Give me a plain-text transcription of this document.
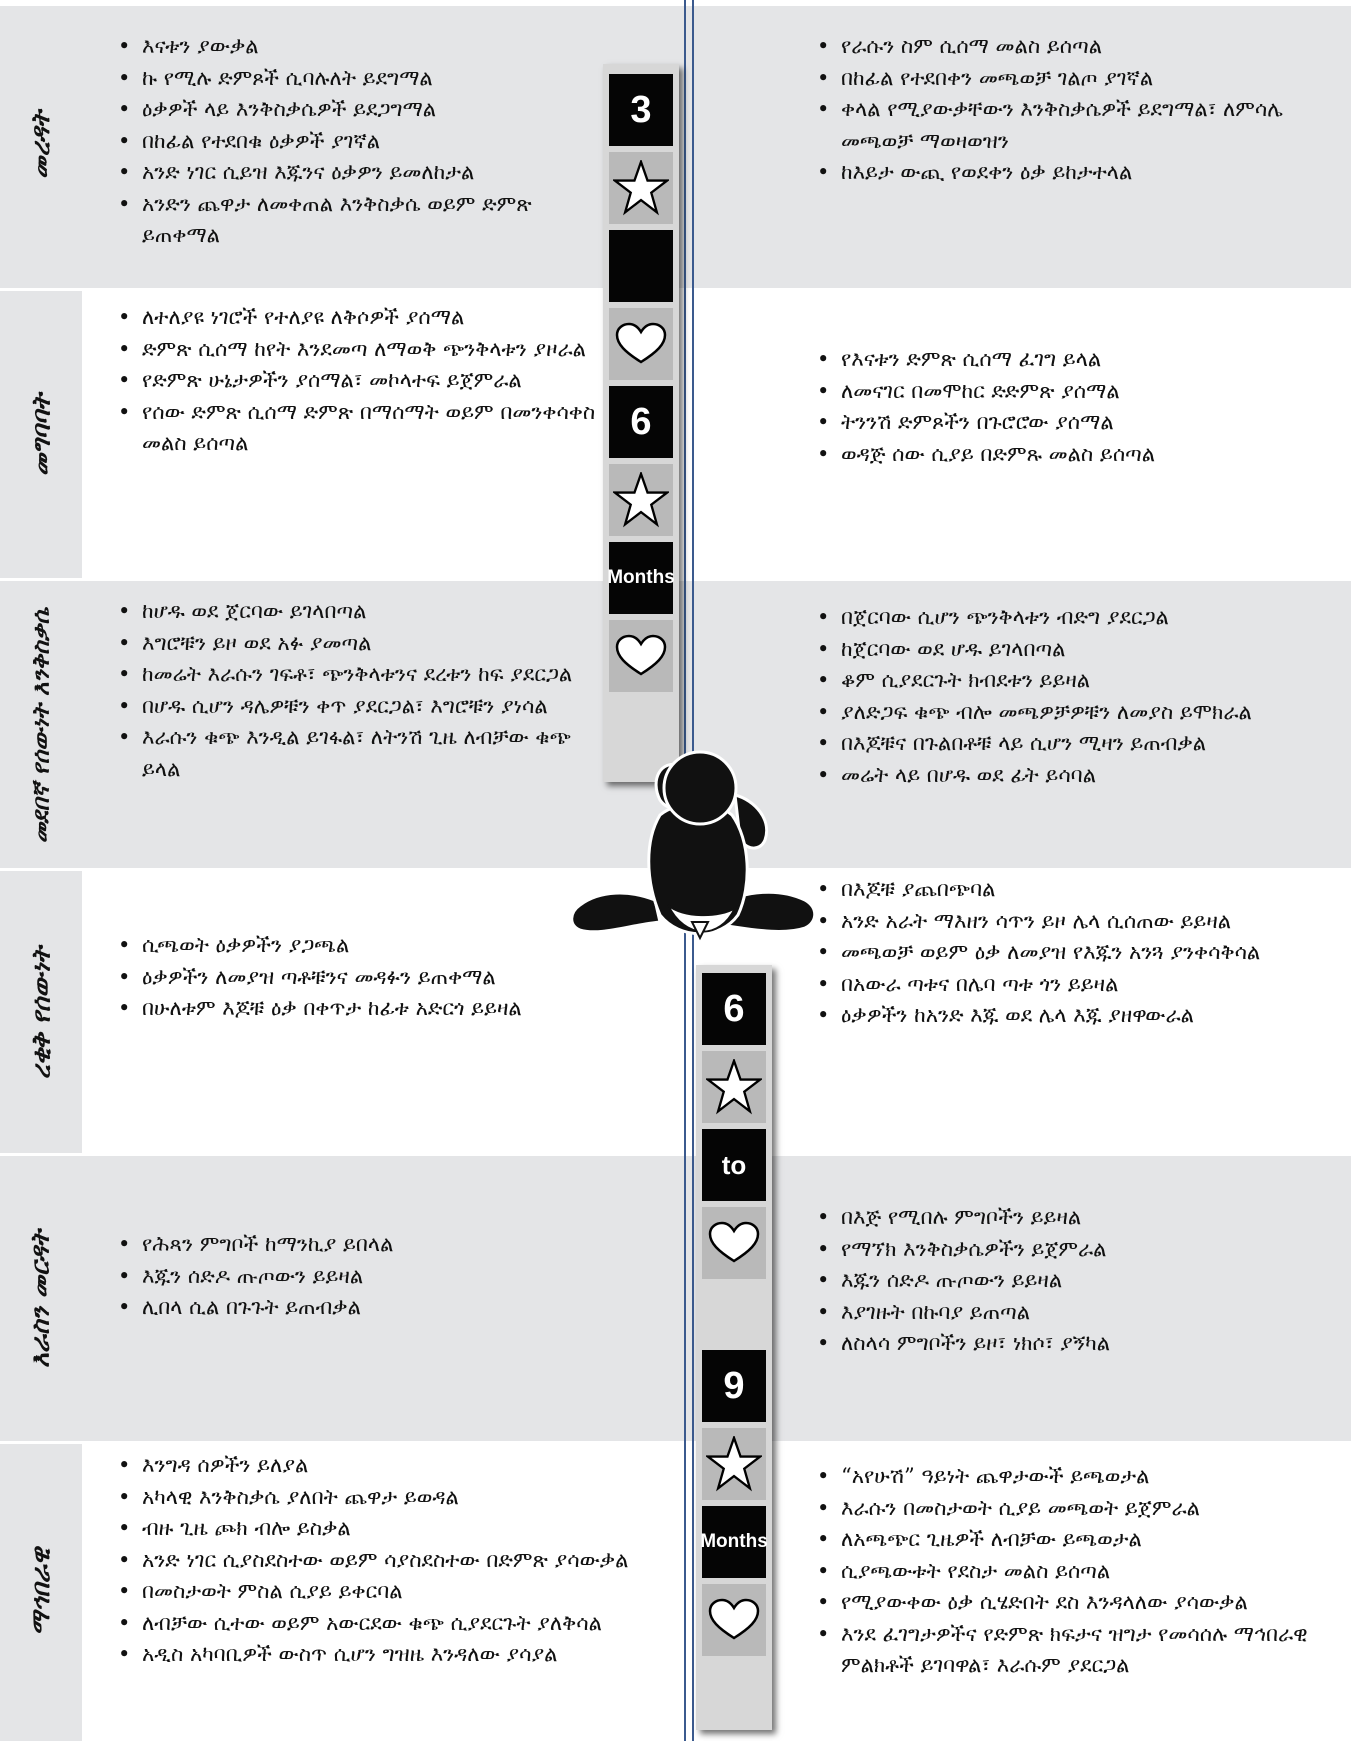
መረዳት
• እናቱን ያውቃል
• ኩ የሚሉ ድምጾች ሲባሉለት ይደግማል
• ዕቃዎች ላይ እንቅስቃሴዎች ይደጋግማል
• በከፊል የተደበቁ ዕቃዎች ያገኛል
• አንድ ነገር ሲይዝ እጁንና ዕቃዎን ይመለከታል
• አንድን ጨዋታ ለመቀጠል እንቅስቃሴ ወይም ድምጽ ይጠቀማል
• የራሱን ስም ሲሰማ መልስ ይሰጣል
• በከፊል የተደበቀን መጫወቻ ገልጦ ያገኛል
• ቀላል የሚያውቃቸውን እንቅስቃሴዎች ይደግማል፣ ለምሳሌ መጫወቻ ማወዛወዝን
• ከእይታ ውጪ የወደቀን ዕቃ ይከታተላል
መግባባት
• ለተለያዩ ነገሮች የተለያዩ ለቅሶዎች ያሰማል
• ድምጽ ሲሰማ ከየት እንደመጣ ለማወቅ ጭንቅላቱን ያዞራል
• የድምጽ ሁኔታዎችን ያሰማል፣ መኮላተፍ ይጀምራል
• የሰው ድምጽ ሲሰማ ድምጽ በማሰማት ወይም በመንቀሳቀስ መልስ ይሰጣል
• የእናቱን ድምጽ ሲሰማ ፈገግ ይላል
• ለመናገር በመሞከር ድድምጽ ያሰማል
• ትንንሽ ድምጾችን በጉሮሮው ያሰማል
• ወዳጅ ሰው ሲያይ በድምጹ መልስ ይሰጣል
መደበኛ የሰውነት እንቅስቃሴ	• ከሆዱ ወደ ጀርባው ይገላበጣል
• እግሮቹን ይዞ ወደ አፉ ያመጣል
• ከመሬት እራሱን ገፍቶ፣ ጭንቅላቱንና ደረቱን ከፍ ያደርጋል
• በሆዱ ሲሆን ዳሌዎቹን ቀጥ ያደርጋል፣ እግሮቹን ያነሳል
• እራሱን ቁጭ እንዲል ይገፋል፣ ለትንሽ ጊዜ ለብቻው ቁጭ ይላል
• በጀርባው ሲሆን ጭንቅላቱን ብድግ ያደርጋል
• ከጀርባው ወደ ሆዱ ይገላበጣል
• ቆም ሲያደርጉት ክብደቱን ይይዛል
• ያለድጋፍ ቁጭ ብሎ መጫዎቻዎቹን ለመያስ ይሞክራል
• በእጆቹና በጉልበቶቹ ላይ ሲሆን ሚዛን ይጠብቃል
• መሬት ላይ በሆዱ ወደ ፊት ይሳባል
ረቂቅ የሰውነት
• ሲጫወት ዕቃዎችን ያጋጫል
• ዕቃዎችን ለመያዝ ጣቶቹንና መዳፉን ይጠቀማል
• በሁለቱም እጆቹ ዕቃ በቀጥታ ከፊቱ አድርጎ ይይዛል
• በእጆቹ ያጨበጭባል
• አንድ አራት ማእዘን ሳጥን ይዞ ሌላ ሲሰጠው ይይዛል
• መጫወቻ ወይም ዕቃ ለመያዝ የእጁን አንጓ ያንቀሳቅሳል
• በአውራ ጣቱና በሌባ ጣቱ ጎን ይይዛል
• ዕቃዎችን ከአንድ እጁ ወደ ሌላ እጁ ያዘዋውራል
እራስን መርዳት	• የሕጻን ምግቦች ከማንኪያ ይበላል
• እጁን ሰድዶ ጡጦውን ይይዛል
• ሊበላ ሲል በጉጉት ይጠብቃል
• በእጅ የሚበሉ ምግቦችን ይይዛል
• የማኘክ እንቅስቃሴዎችን ይጀምራል
• እጁን ሰድዶ ጡጦውን ይይዛል
• እያገዙት በኩባያ ይጠጣል
• ለስላሳ ምግቦችን ይዞ፣ ነክሶ፣ ያኝካል
ማኅበራዊ
• እንግዳ ሰዎችን ይለያል
• አካላዊ እንቅስቃሴ ያለበት ጨዋታ ይወዳል
• ብዙ ጊዜ ጮክ ብሎ ይስቃል
• አንድ ነገር ሲያስደስተው ወይም ሳያስደስተው በድምጽ ያሳውቃል
• በመስታወት ምስል ሲያይ ይቀርባል
• ለብቻው ሲተው ወይም አውርደው ቁጭ ሲያደርጉት ያለቅሳል
• አዲስ አካባቢዎች ውስጥ ሲሆን ግዝዜ እንዳለው ያሳያል
• “አየሁሽ” ዓይነት ጨዋታውች ይጫወታል
• እራሱን በመስታወት ሲያይ መጫወት ይጀምራል
• ለአጫጭር ጊዜዎች ለብቻው ይጫወታል
• ሲያጫውቱት የደስታ መልስ ይሰጣል
• የሚያውቀው ዕቃ ሲሄድበት ደስ እንዳላለው ያሳውቃል
• እንደ ፈገግታዎችና የድምጽ ክፍታና ዝግታ የመሳሰሉ ማኅበራዊ ምልክቶች ይገባዋል፣ እራሱም ያደርጋል
3
6
Months
6
to
9
Months
